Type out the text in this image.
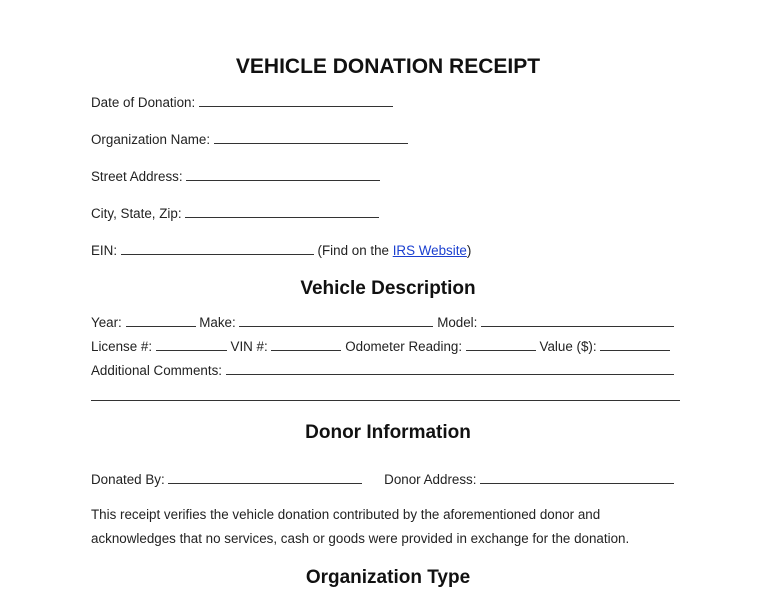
VEHICLE DONATION RECEIPT
Date of Donation:
Organization Name:
Street Address:
City, State, Zip:
EIN:	(Find on the IRS Website)
Vehicle Description
Year:	Make:	Model:
License #:	VIN #:	Odometer Reading:	Value ($):
Additional Comments:
Donor Information
Donated By:	Donor Address:
This receipt verifies the vehicle donation contributed by the aforementioned donor and
acknowledges that no services, cash or goods were provided in exchange for the donation.
Organization Type
